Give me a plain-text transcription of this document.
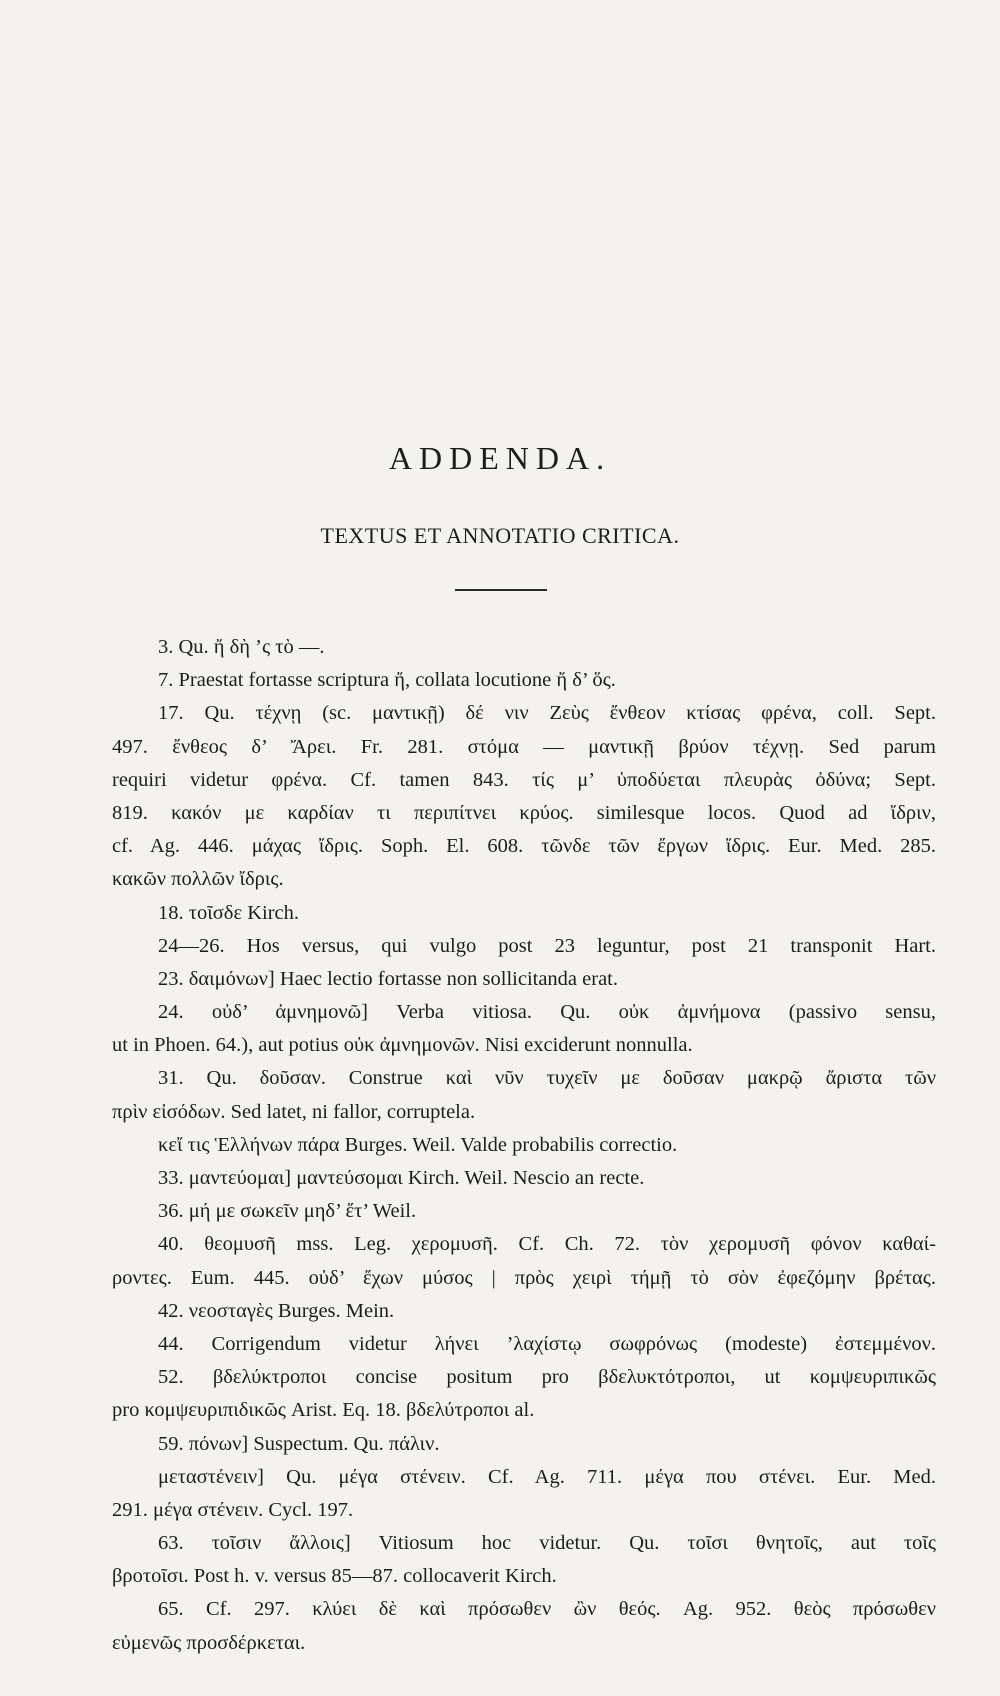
ADDENDA.
TEXTUS ET ANNOTATIO CRITICA.
3. Qu. ἤ δὴ ’ς τὸ —.
7. Praestat fortasse scriptura ἤ, collata locutione ἤ δ’ ὅς.
17. Qu. τέχνῃ (sc. μαντικῇ) δέ νιν Ζεὺς ἔνθεον κτίσας φρένα, coll. Sept.
497. ἔνθεος δ’ Ἄρει. Fr. 281. στόμα — μαντικῇ βρύον τέχνῃ. Sed parum
requiri videtur φρένα. Cf. tamen 843. τίς μ’ ὑποδύεται πλευρὰς ὀδύνα; Sept.
819. κακόν με καρδίαν τι περιπίτνει κρύος. similesque locos. Quod ad ἴδριν,
cf. Ag. 446. μάχας ἴδρις. Soph. El. 608. τῶνδε τῶν ἔργων ἴδρις. Eur. Med. 285.
κακῶν πολλῶν ἴδρις.
18. τοῖσδε Kirch.
24—26. Hos versus, qui vulgo post 23 leguntur, post 21 transponit Hart.
23. δαιμόνων] Haec lectio fortasse non sollicitanda erat.
24. οὐδ’ ἀμνημονῶ] Verba vitiosa. Qu. οὐκ ἀμνήμονα (passivo sensu,
ut in Phoen. 64.), aut potius οὐκ ἀμνημονῶν. Nisi exciderunt nonnulla.
31. Qu. δοῦσαν. Construe καὶ νῦν τυχεῖν με δοῦσαν μακρῷ ἄριστα τῶν
πρὶν εἰσόδων. Sed latet, ni fallor, corruptela.
κεἴ τις Ἑλλήνων πάρα Burges. Weil. Valde probabilis correctio.
33. μαντεύομαι] μαντεύσομαι Kirch. Weil. Nescio an recte.
36. μή με σωκεῖν μηδ’ ἔτ’ Weil.
40. θεομυσῆ mss. Leg. χερομυσῆ. Cf. Ch. 72. τὸν χερομυσῆ φόνον καθαί-
ροντες. Eum. 445. οὐδ’ ἔχων μύσος | πρὸς χειρὶ τήμῇ τὸ σὸν ἐφεζόμην βρέτας.
42. νεοσταγὲς Burges. Mein.
44. Corrigendum videtur λήνει ’λαχίστῳ σωφρόνως (modeste) ἐστεμμένον.
52. βδελύκτροποι concise positum pro βδελυκτότροποι, ut κομψευριπικῶς
pro κομψευριπιδικῶς Arist. Eq. 18. βδελύτροποι al.
59. πόνων] Suspectum. Qu. πάλιν.
μεταστένειν] Qu. μέγα στένειν. Cf. Ag. 711. μέγα που στένει. Eur. Med.
291. μέγα στένειν. Cycl. 197.
63. τοῖσιν ἄλλοις] Vitiosum hoc videtur. Qu. τοῖσι θνητοῖς, aut τοῖς
βροτοῖσι. Post h. v. versus 85—87. collocaverit Kirch.
65. Cf. 297. κλύει δὲ καὶ πρόσωθεν ὢν θεός. Ag. 952. θεὸς πρόσωθεν
εὐμενῶς προσδέρκεται.
